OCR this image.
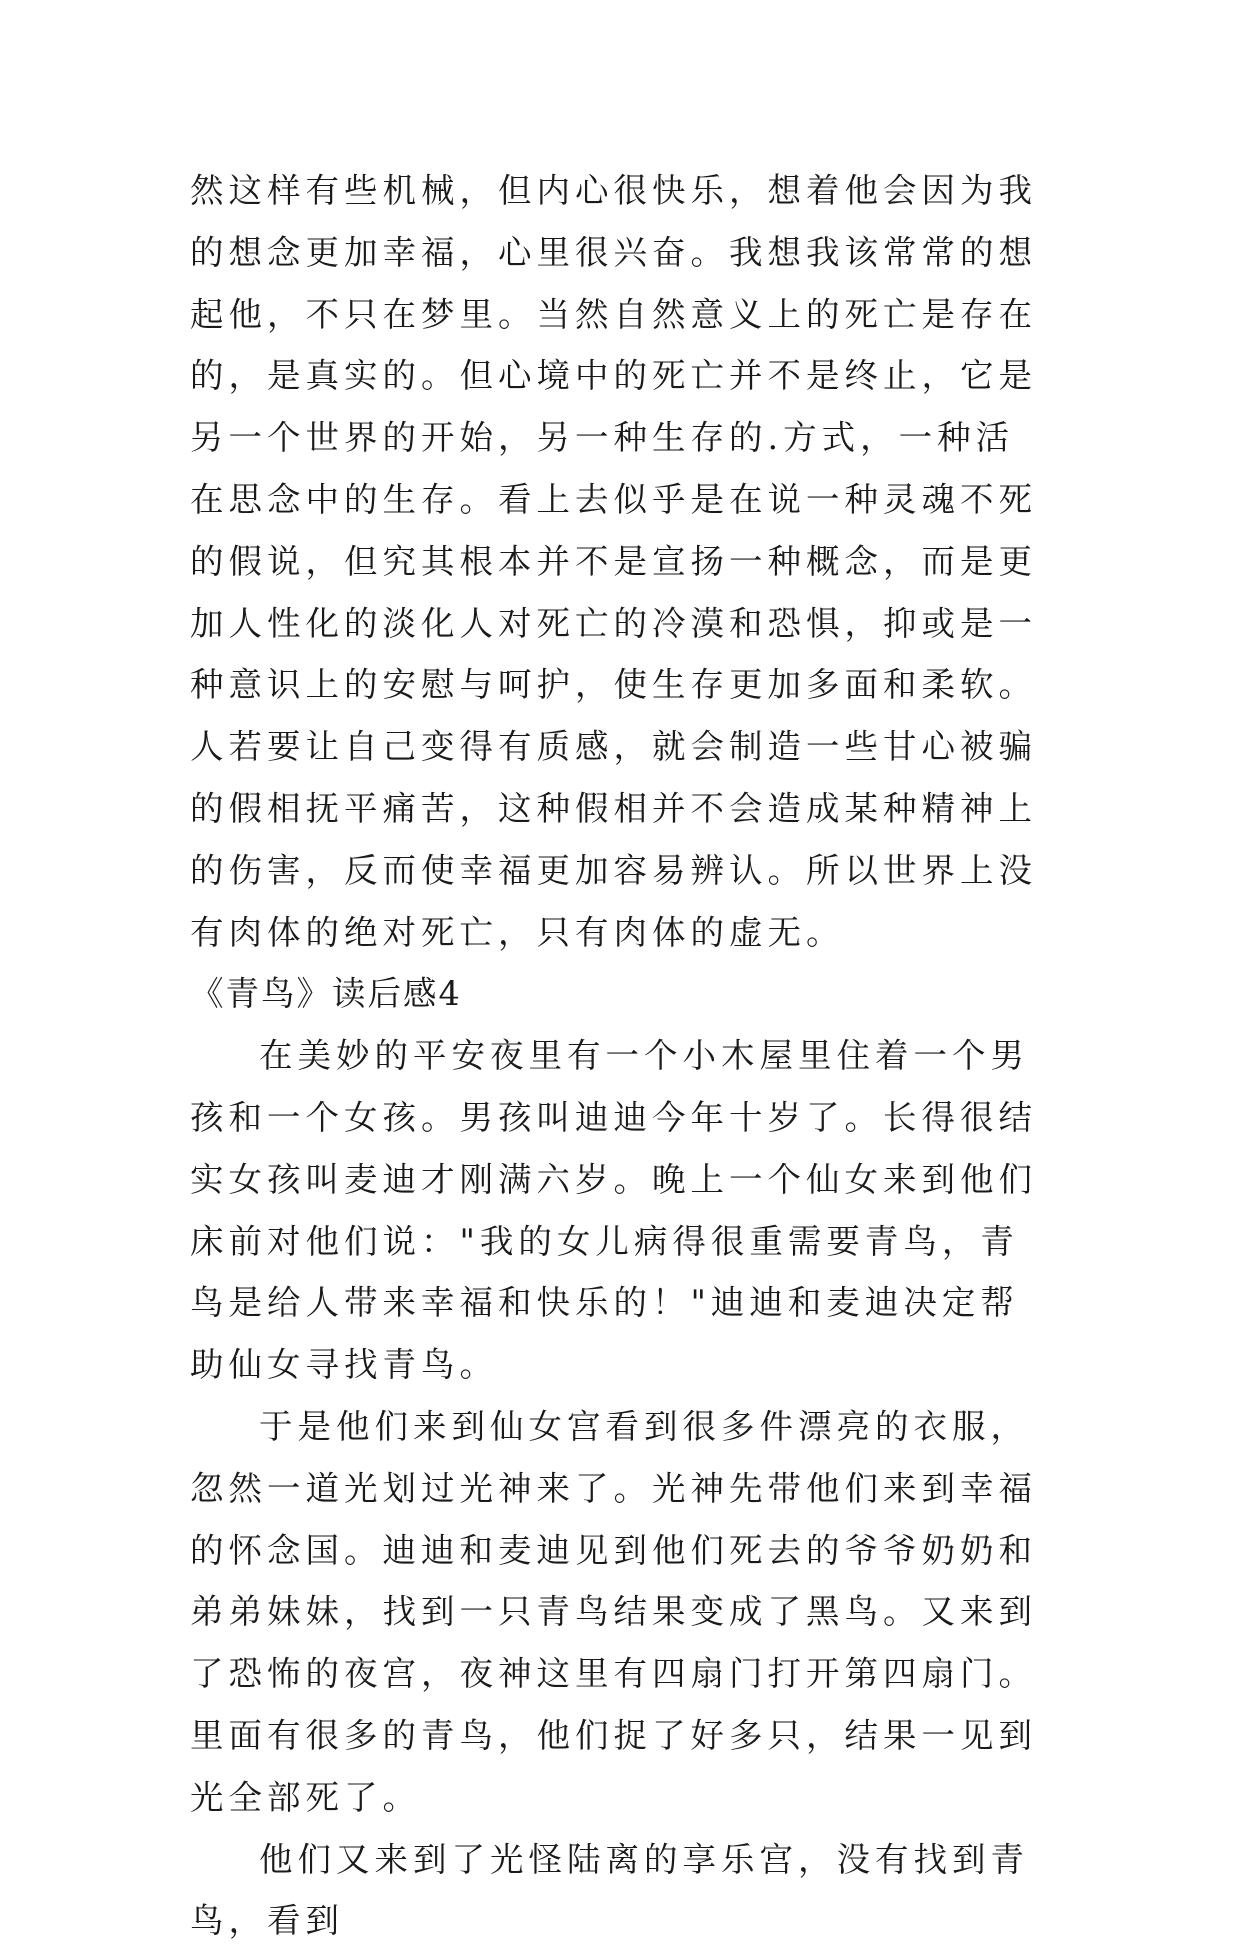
然这样有些机械，但内心很快乐，想着他会因为我的想念更加幸福，心里很兴奋。我想我该常常的想起他，不只在梦里。当然自然意义上的死亡是存在的，是真实的。但心境中的死亡并不是终止，它是另一个世界的开始，另一种生存的.方式，一种活在思念中的生存。看上去似乎是在说一种灵魂不死的假说，但究其根本并不是宣扬一种概念，而是更加人性化的淡化人对死亡的冷漠和恐惧，抑或是一种意识上的安慰与呵护，使生存更加多面和柔软。人若要让自己变得有质感，就会制造一些甘心被骗的假相抚平痛苦，这种假相并不会造成某种精神上的伤害，反而使幸福更加容易辨认。所以世界上没有肉体的绝对死亡，只有肉体的虚无。

《青鸟》读后感4

在美妙的平安夜里有一个小木屋里住着一个男孩和一个女孩。男孩叫迪迪今年十岁了。长得很结实女孩叫麦迪才刚满六岁。晚上一个仙女来到他们床前对他们说："我的女儿病得很重需要青鸟，青鸟是给人带来幸福和快乐的！"迪迪和麦迪决定帮助仙女寻找青鸟。

于是他们来到仙女宫看到很多件漂亮的衣服，忽然一道光划过光神来了。光神先带他们来到幸福的怀念国。迪迪和麦迪见到他们死去的爷爷奶奶和弟弟妹妹，找到一只青鸟结果变成了黑鸟。又来到了恐怖的夜宫，夜神这里有四扇门打开第四扇门。里面有很多的青鸟，他们捉了好多只，结果一见到光全部死了。

他们又来到了光怪陆离的享乐宫，没有找到青鸟，看到
